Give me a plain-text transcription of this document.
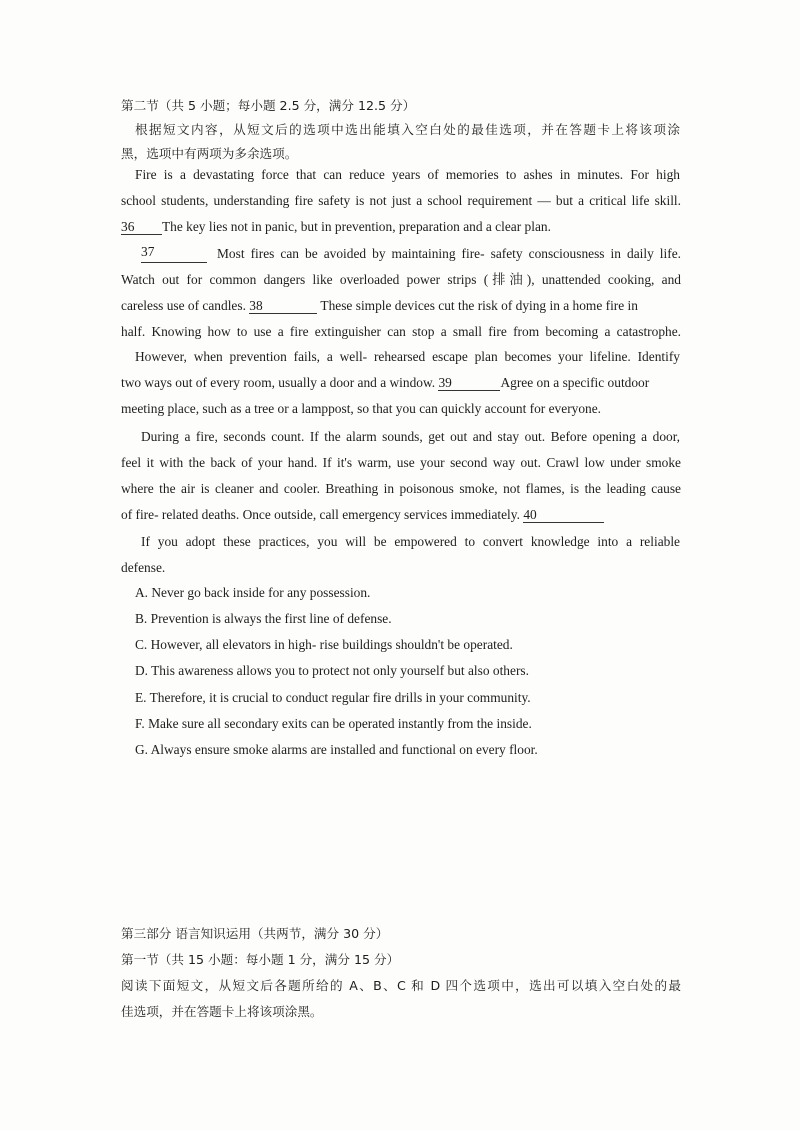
第二节（共 5 小题；每小题 2.5 分，满分 12.5 分）
根据短文内容，从短文后的选项中选出能填入空白处的最佳选项，并在答题卡上将该项涂
黑，选项中有两项为多余选项。
Fire is a devastating force that can reduce years of memories to ashes in minutes. For high
school students, understanding fire safety is not just a school requirement — but a critical life skill.
36 The key lies not in panic, but in prevention, preparation and a clear plan.
37	Most fires can be avoided by maintaining fire- safety consciousness in daily life.
Watch out for common dangers like overloaded power strips (排油), unattended cooking, and
careless use of candles. 38	These simple devices cut the risk of dying in a home fire in
half. Knowing how to use a fire extinguisher can stop a small fire from becoming a catastrophe.
However, when prevention fails, a well- rehearsed escape plan becomes your lifeline. Identify
two ways out of every room, usually a door and a window. 39	Agree on a specific outdoor
meeting place, such as a tree or a lamppost, so that you can quickly account for everyone.
During a fire, seconds count. If the alarm sounds, get out and stay out. Before opening a door,
feel it with the back of your hand. If it's warm, use your second way out. Crawl low under smoke
where the air is cleaner and cooler. Breathing in poisonous smoke, not flames, is the leading cause
of fire- related deaths. Once outside, call emergency services immediately. 40
If you adopt these practices, you will be empowered to convert knowledge into a reliable
defense.
A. Never go back inside for any possession.
B. Prevention is always the first line of defense.
C. However, all elevators in high- rise buildings shouldn't be operated.
D. This awareness allows you to protect not only yourself but also others.
E. Therefore, it is crucial to conduct regular fire drills in your community.
F. Make sure all secondary exits can be operated instantly from the inside.
G. Always ensure smoke alarms are installed and functional on every floor.
第三部分 语言知识运用（共两节，满分 30 分）
第一节（共 15 小题：每小题 1 分，满分 15 分）
阅读下面短文，从短文后各题所给的 A、B、C 和 D 四个选项中，选出可以填入空白处的最
佳选项，并在答题卡上将该项涂黑。
